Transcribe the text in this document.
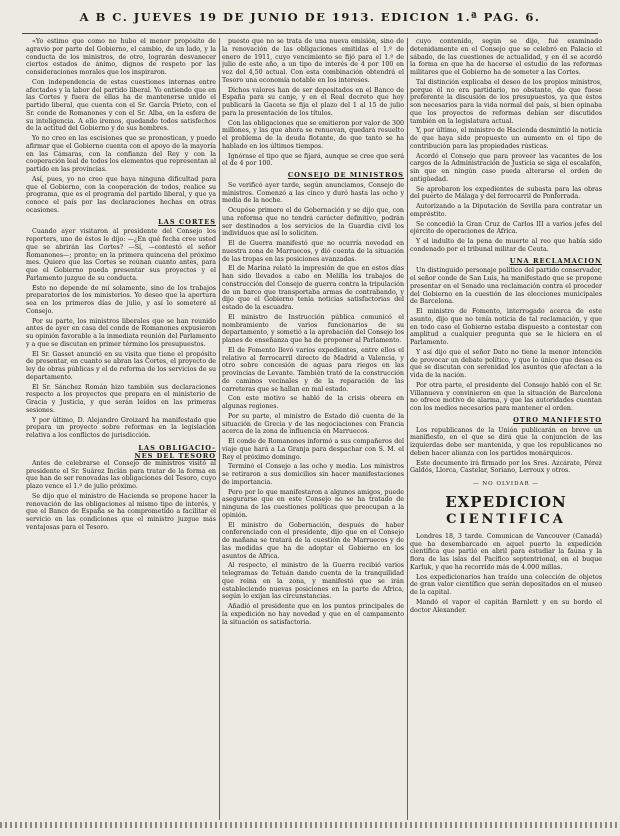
A B C. JUEVES 19 DE JUNIO DE 1913. EDICION 1.ª PAG. 6.

«Yo estimo que como no hubo el menor propósito de agravio por parte del Gobierno, el cambio, de un lado, y la conducta de los ministros, de otro, lograrán desvanecer ciertos estados de ánimo, dignos de respeto por las consideraciones morales que los inspiraron.

Con independencia de estas cuestiones internas entre afectados y la labor del partido liberal. Yo entiendo que en las Cortes y fuera de ellas ha de mantenerse unido el partido liberal, que cuenta con el Sr. García Prieto, con el Sr. conde de Romanones y con el Sr. Alba, en la esfera de su inteligencia. A ello iremos, quedando todos satisfechos de la actitud del Gobierno y de sus hombres.

Yo no creo en las escisiones que se pronostican, y puedo afirmar que el Gobierno cuenta con el apoyo de la mayoría en las Cámaras, con la confianza del Rey y con la cooperación leal de todos los elementos que representan al partido en las provincias.

Así, pues, yo no creo que haya ninguna dificultad para que el Gobierno, con la cooperación de todos, realice su programa, que es el programa del partido liberal, y que ya conoce el país por las declaraciones hechas en otras ocasiones.

LAS CORTES

Cuando ayer visitaron al presidente del Consejo los reporters, uno de éstos le dijo: —¿En qué fecha cree usted que se abrirán las Cortes? —Sí, —contestó el señor Romanones—; pronto; en la primera quincena del próximo mes. Quiero que las Cortes se reúnan cuanto antes, para que el Gobierno pueda presentar sus proyectos y el Parlamento juzgue de su conducta.

Esto no depende de mí solamente, sino de los trabajos preparatorios de los ministerios. Yo deseo que la apertura sea en los primeros días de julio, y así lo someteré al Consejo.

Por su parte, los ministros liberales que se han reunido antes de ayer en casa del conde de Romanones expusieron su opinión favorable a la inmediata reunión del Parlamento y a que se discutan en primer término los presupuestos.

El Sr. Gasset anunció en su visita que tiene el propósito de presentar, en cuanto se abran las Cortes, el proyecto de ley de obras públicas y el de reforma de los servicios de su departamento.

El Sr. Sánchez Román hizo también sus declaraciones respecto a los proyectos que prepara en el ministerio de Gracia y Justicia, y que serán leídos en las primeras sesiones.

Y por último, D. Alejandro Groizard ha manifestado que prepara un proyecto sobre reformas en la legislación relativa a los conflictos de jurisdicción.

LAS OBLIGACIO-
NES DEL TESORO

Antes de celebrarse el Consejo de ministros visitó al presidente el Sr. Suárez Inclán para tratar de la forma en que han de ser renovadas las obligaciones del Tesoro, cuyo plazo vence el 1.º de julio próximo.

Se dijo que el ministro de Hacienda se propone hacer la renovación de las obligaciones al mismo tipo de interés, y que el Banco de España se ha comprometido a facilitar el servicio en las condiciones que el ministro juzgue más ventajosas para el Tesoro.

puesto que no se trata de una nueva emisión, sino de la renovación de las obligaciones emitidas el 1.º de enero de 1911, cuyo vencimiento se fijó para el 1.º de julio de este año, a un tipo de interés de 4 por 100 en vez del 4,50 actual. Con esta combinación obtendrá el Tesoro una economía notable en los intereses.

Dichos valores han de ser depositados en el Banco de España para su canje, y en el Real decreto que hoy publicará la Gaceta se fija el plazo del 1 al 15 de julio para la presentación de los títulos.

Con las obligaciones que se emitieron por valor de 300 millones, y las que ahora se renuevan, quedará resuelto el problema de la deuda flotante, de que tanto se ha hablado en los últimos tiempos.

Ignórase el tipo que se fijará, aunque se cree que será el de 4 por 100.

CONSEJO DE MINISTROS

Se verificó ayer tarde, según anunciamos, Consejo de ministros. Comenzó a las cinco y duró hasta las ocho y media de la noche.

Ocupóse primero el de Gobernación y se dijo que, con una reforma que no tendrá carácter definitivo, podrán ser destinados a los servicios de la Guardia civil los individuos que así lo soliciten.

El de Guerra manifestó que no ocurría novedad en nuestra zona de Marruecos, y dió cuenta de la situación de las tropas en las posiciones avanzadas.

El de Marina relató la impresión de que en estos días han sido llevados a cabo en Melilla los trabajos de construcción del Consejo de guerra contra la tripulación de un barco que transportaba armas de contrabando, y dijo que el Gobierno tenía noticias satisfactorias del estado de la escuadra.

El ministro de Instrucción pública comunicó el nombramiento de varios funcionarios de su departamento, y sometió a la aprobación del Consejo los planes de enseñanza que ha de proponer al Parlamento.

El de Fomento llevó varios expedientes, entre ellos el relativo al ferrocarril directo de Madrid a Valencia, y otro sobre concesión de aguas para riegos en las provincias de Levante. También trató de la construcción de caminos vecinales y de la reparación de las carreteras que se hallan en mal estado.

Con este motivo se habló de la crisis obrera en algunas regiones.

Por su parte, el ministro de Estado dió cuenta de la situación de Grecia y de las negociaciones con Francia acerca de la zona de influencia en Marruecos.

El conde de Romanones informó a sus compañeros del viaje que hará a La Granja para despachar con S. M. el Rey el próximo domingo.

Terminó el Consejo a las ocho y media. Los ministros se retiraron a sus domicilios sin hacer manifestaciones de importancia.

Pero por lo que manifestaron a algunos amigos, puede asegurarse que en este Consejo no se ha tratado de ninguna de las cuestiones políticas que preocupan a la opinión.

El ministro de Gobernación, después de haber conferenciado con el presidente, dijo que en el Consejo de mañana se tratará de la cuestión de Marruecos y de las medidas que ha de adoptar el Gobierno en los asuntos de Africa.

Al respecto, el ministro de la Guerra recibió varios telegramas de Tetuán dando cuenta de la tranquilidad que reina en la zona, y manifestó que se irán estableciendo nuevas posiciones en la parte de Africa, según lo exijan las circunstancias.

Añadió el presidente que en los puntos principales de la expedición no hay novedad y que en el campamento la situación es satisfactoria.

cuyo contenido, según se dijo, fué examinado detenidamente en el Consejo que se celebró en Palacio el sábado, de las cuestiones de actualidad, y en él se acordó la forma en que ha de hacerse el estudio de las reformas militares que el Gobierno ha de someter a las Cortes.

Tal distinción explicaba el deseo de los propios ministros, porque él no era partidario, no obstante, de que fuese preferente la discusión de los presupuestos, ya que éstos son necesarios para la vida normal del país, si bien opinaba que los proyectos de reformas debían ser discutidos también en la legislatura actual.

Y, por último, el ministro de Hacienda desmintió la noticia de que haya sido propuesto un aumento en el tipo de contribución para las propiedades rústicas.

Acordó el Consejo que para proveer las vacantes de los cargos de la Administración de Justicia se siga el escalafón, sin que en ningún caso pueda alterarse el orden de antigüedad.

Se aprobaron los expedientes de subasta para las obras del puerto de Málaga y del ferrocarril de Ponferrada.

Autorizando a la Diputación de Sevilla para contratar un empréstito.

Se concedió la Gran Cruz de Carlos III a varios jefes del ejército de operaciones de Africa.

Y el indulto de la pena de muerte al reo que había sido condenado por el tribunal militar de Ceuta.

UNA RECLAMACION

Un distinguido personaje político del partido conservador, el señor conde de San Luis, ha manifestado que se propone presentar en el Senado una reclamación contra el proceder del Gobierno en la cuestión de las elecciones municipales de Barcelona.

El ministro de Fomento, interrogado acerca de este asunto, dijo que no tenía noticia de tal reclamación, y que en todo caso el Gobierno estaba dispuesto a contestar con amplitud a cualquier pregunta que se le hiciera en el Parlamento.

Y así dijo que el señor Dato no tiene la menor intención de provocar un debate político, y que lo único que desea es que se discutan con serenidad los asuntos que afectan a la vida de la nación.

Por otra parte, el presidente del Consejo habló con el Sr. Villanueva y convinieron en que la situación de Barcelona no ofrece motivo de alarma, y que las autoridades cuentan con los medios necesarios para mantener el orden.

OTRO MANIFIESTO

Los republicanos de la Unión publicarán en breve un manifiesto, en el que se dirá que la conjunción de las izquierdas debe ser mantenida, y que los republicanos no deben hacer alianza con los partidos monárquicos.

Este documento irá firmado por los Sres. Azcárate, Pérez Galdós, Llorca, Castelar, Soriano, Lerroux y otros.

— NO OLVIDAR —
EXPEDICION
CIENTIFICA

Londres 18, 3 tarde. Comunican de Vancouver (Canadá) que ha desembarcado en aquel puerto la expedición científica que partió en abril para estudiar la fauna y la flora de las islas del Pacífico septentrional, en el buque Karluk, y que ha recorrido más de 4.000 millas.

Los expedicionarios han traído una colección de objetos de gran valor científico que serán depositados en el museo de la capital.

Mandó el vapor el capitán Barnlett y en su bordo el doctor Alexander.
